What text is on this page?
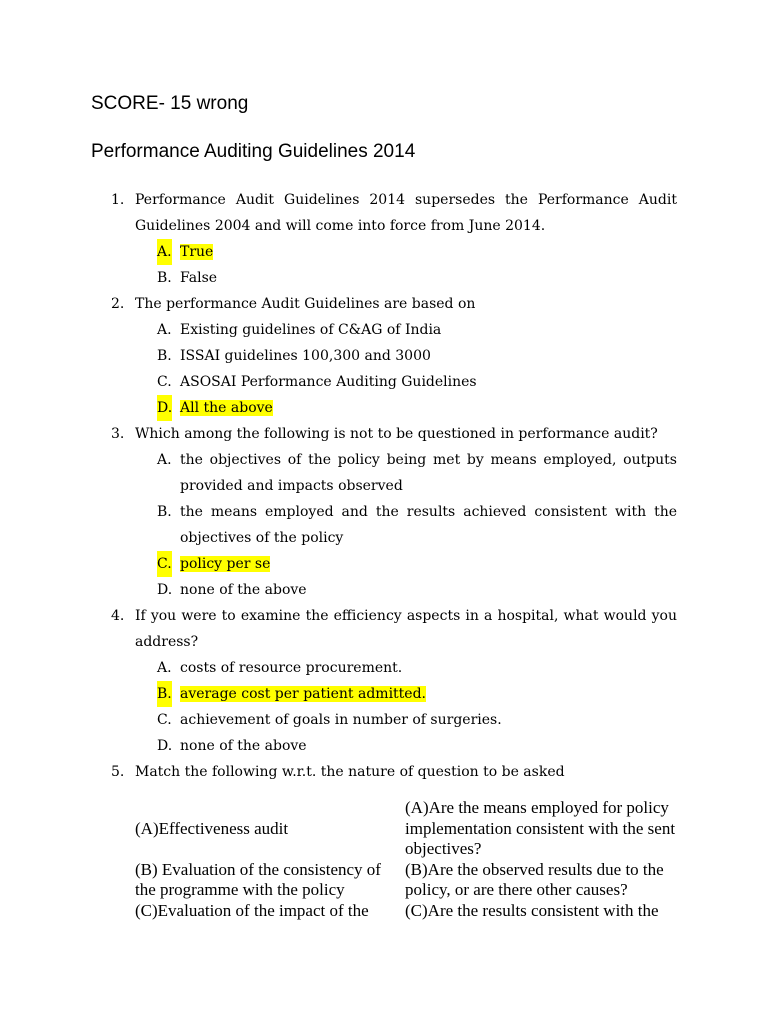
SCORE- 15 wrong

Performance Auditing Guidelines 2014

1. Performance Audit Guidelines 2014 supersedes the Performance Audit Guidelines 2004 and will come into force from June 2014.
A. True
B. False
2. The performance Audit Guidelines are based on
A. Existing guidelines of C&AG of India
B. ISSAI guidelines 100,300 and 3000
C. ASOSAI Performance Auditing Guidelines
D. All the above
3. Which among the following is not to be questioned in performance audit?
A. the objectives of the policy being met by means employed, outputs provided and impacts observed
B. the means employed and the results achieved consistent with the objectives of the policy
C. policy per se
D. none of the above
4. If you were to examine the efficiency aspects in a hospital, what would you address?
A. costs of resource procurement.
B. average cost per patient admitted.
C. achievement of goals in number of surgeries.
D. none of the above
5. Match the following w.r.t. the nature of question to be asked
(A)Effectiveness audit	(A)Are the means employed for policy implementation consistent with the sent objectives?
(B) Evaluation of the consistency of the programme with the policy	(B)Are the observed results due to the policy, or are there other causes?
(C)Evaluation of the impact of the	(C)Are the results consistent with the
